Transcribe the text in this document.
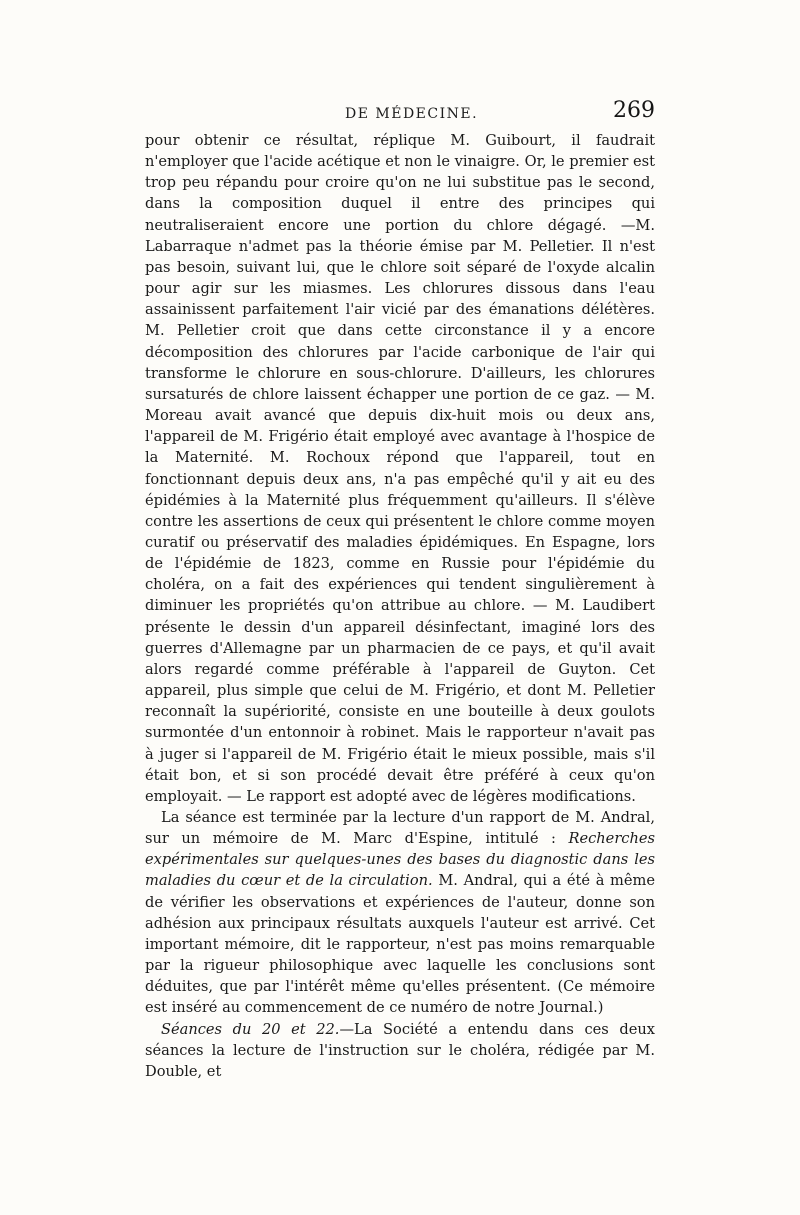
DE MÉDECINE.	269

pour obtenir ce résultat, réplique M. Guibourt, il faudrait n'employer que l'acide acétique et non le vinaigre. Or, le premier est trop peu répandu pour croire qu'on ne lui substitue pas le second, dans la composition duquel il entre des principes qui neutraliseraient encore une portion du chlore dégagé. —M. Labarraque n'admet pas la théorie émise par M. Pelletier. Il n'est pas besoin, suivant lui, que le chlore soit séparé de l'oxyde alcalin pour agir sur les miasmes. Les chlorures dissous dans l'eau assainissent parfaitement l'air vicié par des émanations délétères. M. Pelletier croit que dans cette circonstance il y a encore décomposition des chlorures par l'acide carbonique de l'air qui transforme le chlorure en sous-chlorure. D'ailleurs, les chlorures sursaturés de chlore laissent échapper une portion de ce gaz. — M. Moreau avait avancé que depuis dix-huit mois ou deux ans, l'appareil de M. Frigério était employé avec avantage à l'hospice de la Maternité. M. Rochoux répond que l'appareil, tout en fonctionnant depuis deux ans, n'a pas empêché qu'il y ait eu des épidémies à la Maternité plus fréquemment qu'ailleurs. Il s'élève contre les assertions de ceux qui présentent le chlore comme moyen curatif ou préservatif des maladies épidémiques. En Espagne, lors de l'épidémie de 1823, comme en Russie pour l'épidémie du choléra, on a fait des expériences qui tendent singulièrement à diminuer les propriétés qu'on attribue au chlore. — M. Laudibert présente le dessin d'un appareil désinfectant, imaginé lors des guerres d'Allemagne par un pharmacien de ce pays, et qu'il avait alors regardé comme préférable à l'appareil de Guyton. Cet appareil, plus simple que celui de M. Frigério, et dont M. Pelletier reconnaît la supériorité, consiste en une bouteille à deux goulots surmontée d'un entonnoir à robinet. Mais le rapporteur n'avait pas à juger si l'appareil de M. Frigério était le mieux possible, mais s'il était bon, et si son procédé devait être préféré à ceux qu'on employait. — Le rapport est adopté avec de légères modifications.

La séance est terminée par la lecture d'un rapport de M. Andral, sur un mémoire de M. Marc d'Espine, intitulé : Recherches expérimentales sur quelques-unes des bases du diagnostic dans les maladies du cœur et de la circulation. M. Andral, qui a été à même de vérifier les observations et expériences de l'auteur, donne son adhésion aux principaux résultats auxquels l'auteur est arrivé. Cet important mémoire, dit le rapporteur, n'est pas moins remarquable par la rigueur philosophique avec laquelle les conclusions sont déduites, que par l'intérêt même qu'elles présentent. (Ce mémoire est inséré au commencement de ce numéro de notre Journal.)

Séances du 20 et 22.—La Société a entendu dans ces deux séances la lecture de l'instruction sur le choléra, rédigée par M. Double, et
